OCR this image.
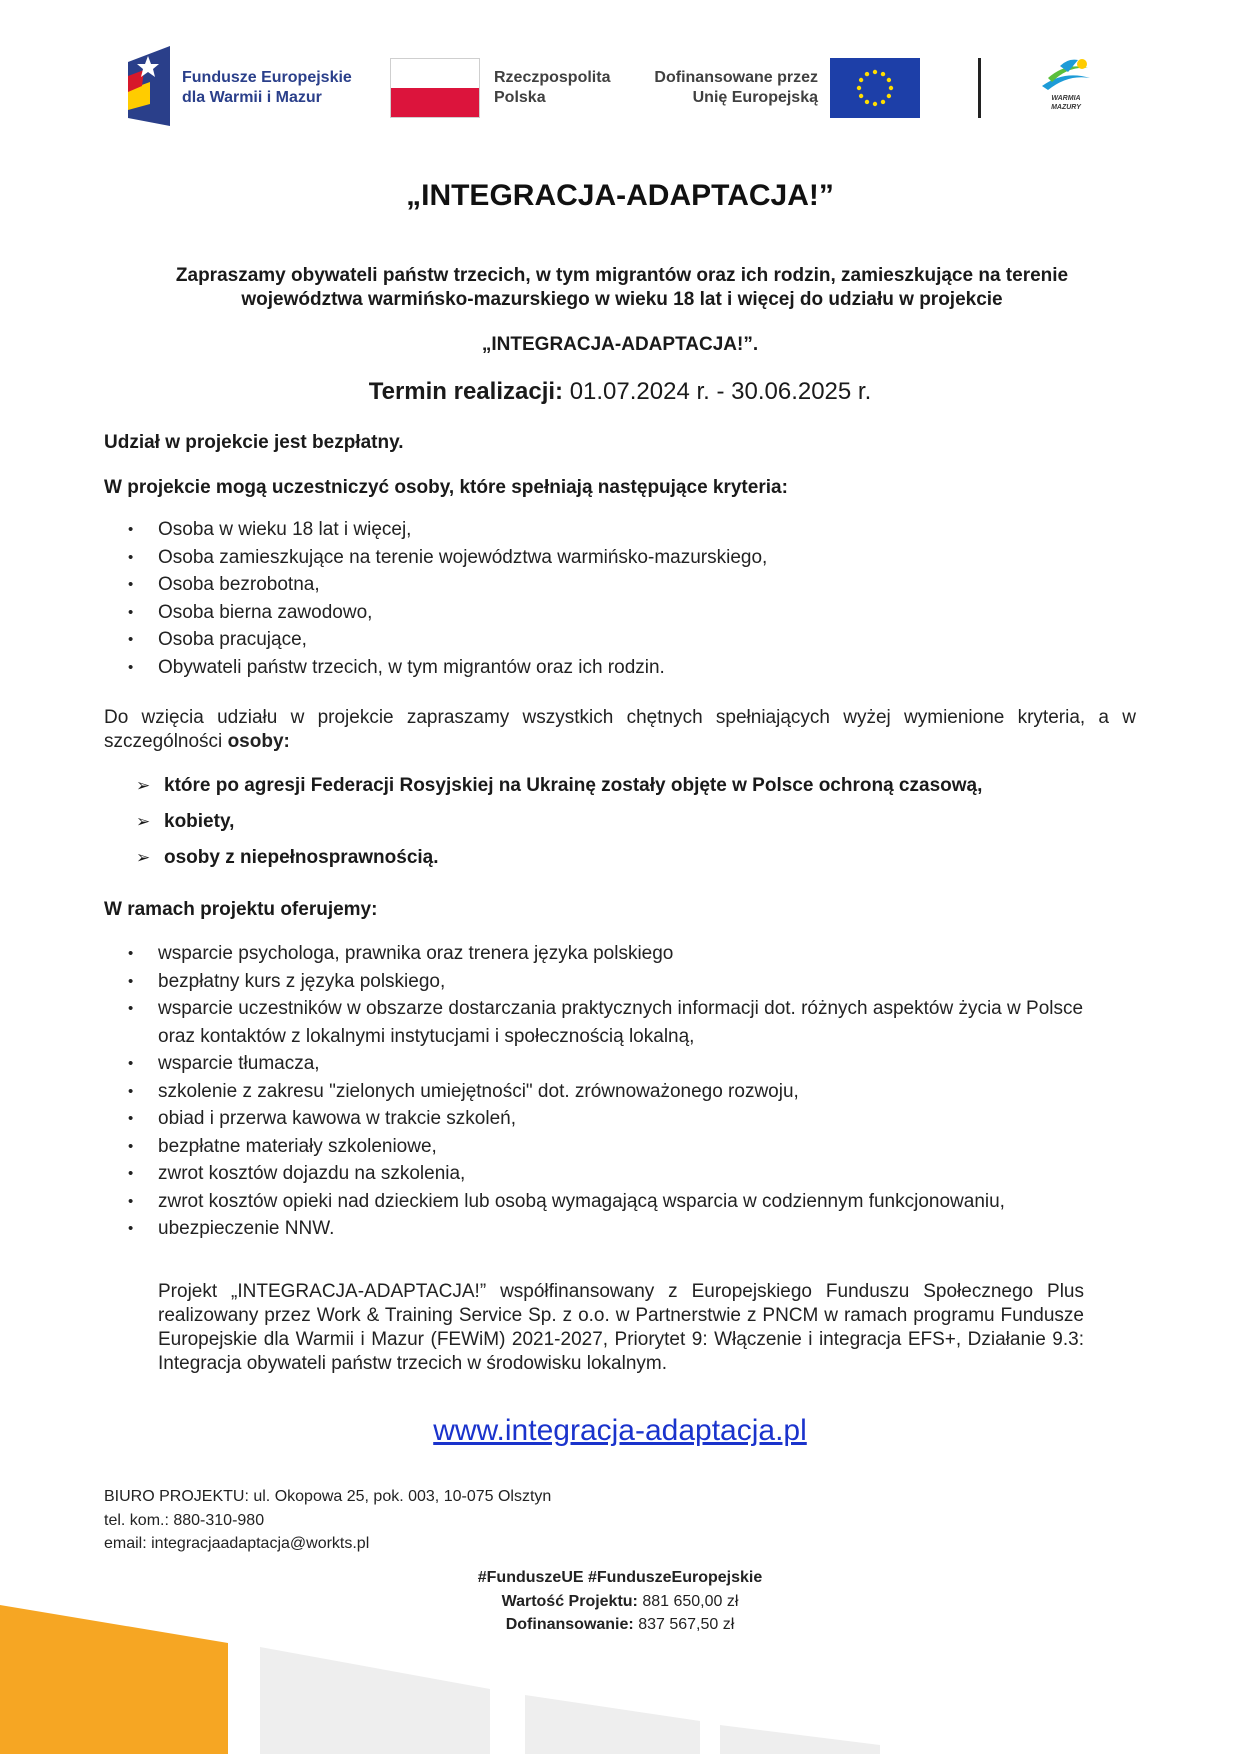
Fundusze Europejskie
dla Warmii i Mazur
Rzeczpospolita
Polska
Dofinansowane przez
Unię Europejską	WARMIA
MAZURY
„INTEGRACJA-ADAPTACJA!”
Zapraszamy obywateli państw trzecich, w tym migrantów oraz ich rodzin, zamieszkujące na terenie województwa warmińsko-mazurskiego w wieku 18 lat i więcej do udziału w projekcie
„INTEGRACJA-ADAPTACJA!”.
Termin realizacji: 01.07.2024 r. - 30.06.2025 r.
Udział w projekcie jest bezpłatny.
W projekcie mogą uczestniczyć osoby, które spełniają następujące kryteria:
• Osoba w wieku 18 lat i więcej,
• Osoba zamieszkujące na terenie województwa warmińsko-mazurskiego,
• Osoba bezrobotna,
• Osoba bierna zawodowo,
• Osoba pracujące,
• Obywateli państw trzecich, w tym migrantów oraz ich rodzin.
Do wzięcia udziału w projekcie zapraszamy wszystkich chętnych spełniających wyżej wymienione kryteria, a w szczególności osoby:
➢ które po agresji Federacji Rosyjskiej na Ukrainę zostały objęte w Polsce ochroną czasową,
➢ kobiety,
➢ osoby z niepełnosprawnością.
W ramach projektu oferujemy:
• wsparcie psychologa, prawnika oraz trenera języka polskiego
• bezpłatny kurs z języka polskiego,
• wsparcie uczestników w obszarze dostarczania praktycznych informacji dot. różnych aspektów życia w Polsce oraz kontaktów z lokalnymi instytucjami i społecznością lokalną,
• wsparcie tłumacza,
• szkolenie z zakresu "zielonych umiejętności" dot. zrównoważonego rozwoju,
• obiad i przerwa kawowa w trakcie szkoleń,
• bezpłatne materiały szkoleniowe,
• zwrot kosztów dojazdu na szkolenia,
• zwrot kosztów opieki nad dzieckiem lub osobą wymagającą wsparcia w codziennym funkcjonowaniu,
• ubezpieczenie NNW.
Projekt „INTEGRACJA-ADAPTACJA!” współfinansowany z Europejskiego Funduszu Społecznego Plus realizowany przez Work & Training Service Sp. z o.o. w Partnerstwie z PNCM w ramach programu Fundusze Europejskie dla Warmii i Mazur (FEWiM) 2021-2027, Priorytet 9: Włączenie i integracja EFS+, Działanie 9.3: Integracja obywateli państw trzecich w środowisku lokalnym.
www.integracja-adaptacja.pl
BIURO PROJEKTU: ul. Okopowa 25, pok. 003, 10-075 Olsztyn
tel. kom.: 880-310-980
email: integracjaadaptacja@workts.pl
#FunduszeUE #FunduszeEuropejskie
Wartość Projektu: 881 650,00 zł
Dofinansowanie: 837 567,50 zł
